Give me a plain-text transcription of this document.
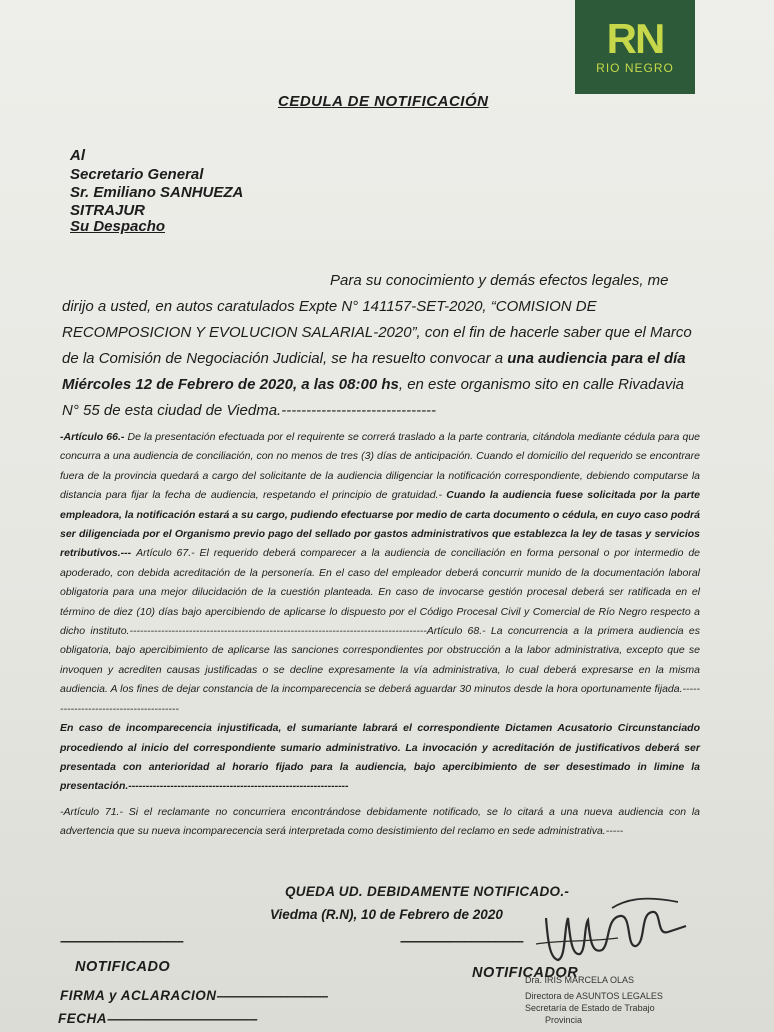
RN
RIO NEGRO
CEDULA DE NOTIFICACIÓN
Al
Secretario General
Sr. Emiliano SANHUEZA
SITRAJUR
Su Despacho
Para su conocimiento y demás efectos legales, me dirijo a usted, en autos caratulados Expte N° 141157-SET-2020, “COMISION DE RECOMPOSICION Y EVOLUCION SALARIAL-2020”, con el fin de hacerle saber que el Marco de la Comisión de Negociación Judicial, se ha resuelto convocar a una audiencia para el día Miércoles 12 de Febrero de 2020, a las 08:00 hs, en este organismo sito en calle Rivadavia N° 55 de esta ciudad de Viedma.-------------------------------
-Artículo 66.- De la presentación efectuada por el requirente se correrá traslado a la parte contraria, citándola mediante cédula para que concurra a una audiencia de conciliación, con no menos de tres (3) días de anticipación. Cuando el domicilio del requerido se encontrare fuera de la provincia quedará a cargo del solicitante de la audiencia diligenciar la notificación correspondiente, debiendo computarse la distancia para fijar la fecha de audiencia, respetando el principio de gratuidad.- Cuando la audiencia fuese solicitada por la parte empleadora, la notificación estará a su cargo, pudiendo efectuarse por medio de carta documento o cédula, en cuyo caso podrá ser diligenciada por el Organismo previo pago del sellado por gastos administrativos que establezca la ley de tasas y servicios retributivos.--- Artículo 67.- El requerido deberá comparecer a la audiencia de conciliación en forma personal o por intermedio de apoderado, con debida acreditación de la personería. En el caso del empleador deberá concurrir munido de la documentación laboral obligatoria para una mejor dilucidación de la cuestión planteada. En caso de invocarse gestión procesal deberá ser ratificada en el término de diez (10) días bajo apercibiendo de aplicarse lo dispuesto por el Código Procesal Civil y Comercial de Río Negro respecto a dicho instituto.-------------------------------------------------------------------------------------Artículo 68.- La concurrencia a la primera audiencia es obligatoria, bajo apercibimiento de aplicarse las sanciones correspondientes por obstrucción a la labor administrativa, excepto que se invoquen y acrediten causas justificadas o se decline expresamente la vía administrativa, lo cual deberá expresarse en la misma audiencia. A los fines de dejar constancia de la incomparecencia se deberá aguardar 30 minutos desde la hora oportunamente fijada.---------------------------------------
En caso de incomparecencia injustificada, el sumariante labrará el correspondiente Dictamen Acusatorio Circunstanciado procediendo al inicio del correspondiente sumario administrativo. La invocación y acreditación de justificativos deberá ser presentada con anterioridad al horario fijado para la audiencia, bajo apercibimiento de ser desestimado in limine la presentación.---------------------------------------------------------------
-Artículo 71.- Si el reclamante no concurriera encontrándose debidamente notificado, se lo citará a una nueva audiencia con la advertencia que su nueva incomparecencia será interpretada como desistimiento del reclamo en sede administrativa.-----
QUEDA UD. DEBIDAMENTE NOTIFICADO.-
Viedma (R.N), 10 de Febrero de 2020
-----------------------------------------	-----------------------------------------
NOTIFICADO	NOTIFICADOR
Dra. IRIS MARCELA OLAS
Directora de ASUNTOS LEGALES
Secretaría de Estado de Trabajo
Provincia
FIRMA y ACLARACION-------------------------------------
FECHA--------------------------------------------------
